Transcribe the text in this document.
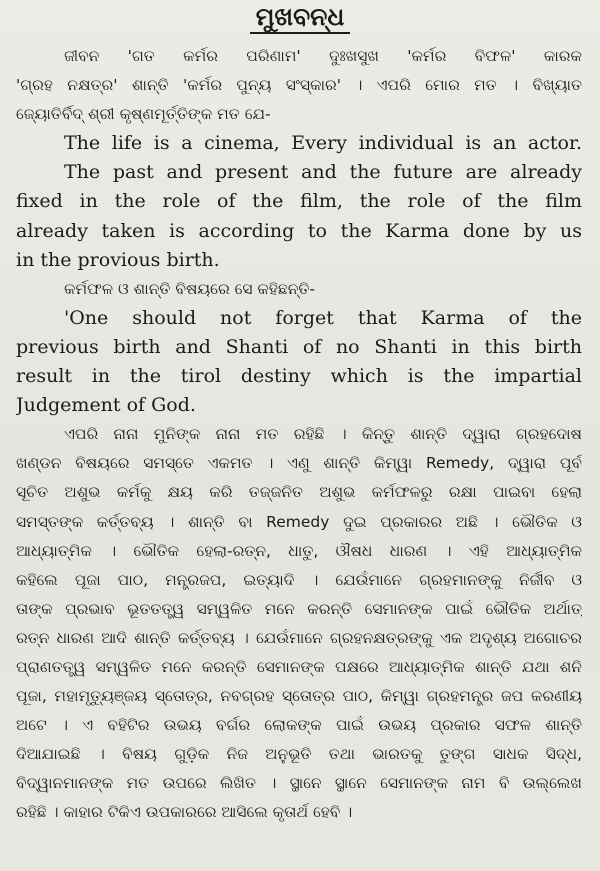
ମୁଖବନ୍ଧ
ଜୀବନ 'ଗତ କର୍ମର ପରିଣାମ' ଦୁଃଖସୁଖ 'କର୍ମର ବିଫଳ' କାରକ
'ଗ୍ରହ ନକ୍ଷତ୍ର' ଶାନ୍ତି 'କର୍ମର ପୁନ୍ୟ ସଂସ୍କାର' । ଏପରି ମୋର ମତ । ବିଖ୍ୟାତ
ଜ୍ୟୋତିର୍ବିଦ୍ ଶ୍ରୀ କୃଷ୍ଣମୂର୍ତ୍ତିଙ୍କ ମତ ଯେ-
The life is a cinema, Every individual is an actor.
The past and present and the future are already
fixed in the role of the film, the role of the film
already taken is according to the Karma done by us
in the provious birth.
କର୍ମଫଳ ଓ ଶାନ୍ତି ବିଷୟରେ ସେ କହିଛନ୍ତି-
'One should not forget that Karma of the
previous birth and Shanti of no Shanti in this birth
result in the tirol destiny which is the impartial
Judgement of God.
ଏପରି ନାନା ମୁନିଙ୍କ ନାନା ମତ ରହିଛି । କିନ୍ତୁ ଶାନ୍ତି ଦ୍ୱାରା ଗ୍ରହଦୋଷ
ଖଣ୍ଡନ ବିଷୟରେ ସମସ୍ତେ ଏକମତ । ଏଣୁ ଶାନ୍ତି କିମ୍ୱା Remedy, ଦ୍ୱାରା ପୂର୍ବ
ସୂଚିତ ଅଶୁଭ କର୍ମକୁ କ୍ଷୟ କରି ତଜ୍ଜନିତ ଅଶୁଭ କର୍ମଫଳରୁ ରକ୍ଷା ପାଇବା ହେଲା
ସମସ୍ତଙ୍କ କର୍ତ୍ତବ୍ୟ । ଶାନ୍ତି ବା Remedy ଦୁଇ ପ୍ରକାରର ଅଛି । ଭୌତିକ ଓ
ଆଧ୍ୟାତ୍ମିକ । ଭୌତିକ ହେଲା-ରତ୍ନ, ଧାତୁ, ଔଷଧ ଧାରଣ । ଏହି ଆଧ୍ୟାତ୍ମିକ
କହିଲେ ପୂଜା ପାଠ, ମନ୍ତ୍ରଜପ, ଇତ୍ୟାଦି । ଯେଉଁମାନେ ଗ୍ରହମାନଙ୍କୁ ନିର୍ଜୀବ ଓ
ତାଙ୍କ ପ୍ରଭାବ ଭୂତତତ୍ତ୍ୱ ସମ୍ୱଳିତ ମନେ କରନ୍ତି ସେମାନଙ୍କ ପାଇଁ ଭୌତିକ ଅର୍ଥାତ୍
ରତ୍ନ ଧାରଣ ଆଦି ଶାନ୍ତି କର୍ତ୍ତବ୍ୟ । ଯେଉଁମାନେ ଗ୍ରହନକ୍ଷତ୍ରଙ୍କୁ ଏକ ଅଦୃଶ୍ୟ ଅଗୋଚର
ପ୍ରାଣତତ୍ତ୍ୱ ସମ୍ୱଳିତ ମନେ କରନ୍ତି ସେମାନଙ୍କ ପକ୍ଷରେ ଆଧ୍ୟାତ୍ମିକ ଶାନ୍ତି ଯଥା ଶନି
ପୂଜା, ମହାମୃତ୍ୟୁଞ୍ଜୟ ସ୍ତୋତ୍ର, ନବଗ୍ରହ ସ୍ତୋତ୍ର ପାଠ, କିମ୍ୱା ଗ୍ରହମନ୍ତ୍ର ଜପ କରଣୀୟ
ଅଟେ । ଏ ବହିଟିର ଉଭୟ ବର୍ଗର ଲୋକଙ୍କ ପାଇଁ ଉଭୟ ପ୍ରକାର ସଫଳ ଶାନ୍ତି
ଦିଆଯାଇଛି । ବିଷୟ ଗୁଡ଼ିକ ନିଜ ଅନୁଭୂତି ତଥା ଭାରତକୁ ତୁଙ୍ଗ ସାଧକ ସିଦ୍ଧ,
ବିଦ୍ୱାନମାନଙ୍କ ମତ ଉପରେ ଲିଖିତ । ସ୍ଥାନେ ସ୍ଥାନେ ସେମାନଙ୍କ ନାମ ବି ଉଲ୍ଲେଖ
ରହିଛି । କାହାର ଟିକିଏ ଉପକାରରେ ଆସିଲେ କୃତାର୍ଥ ହେବି ।
